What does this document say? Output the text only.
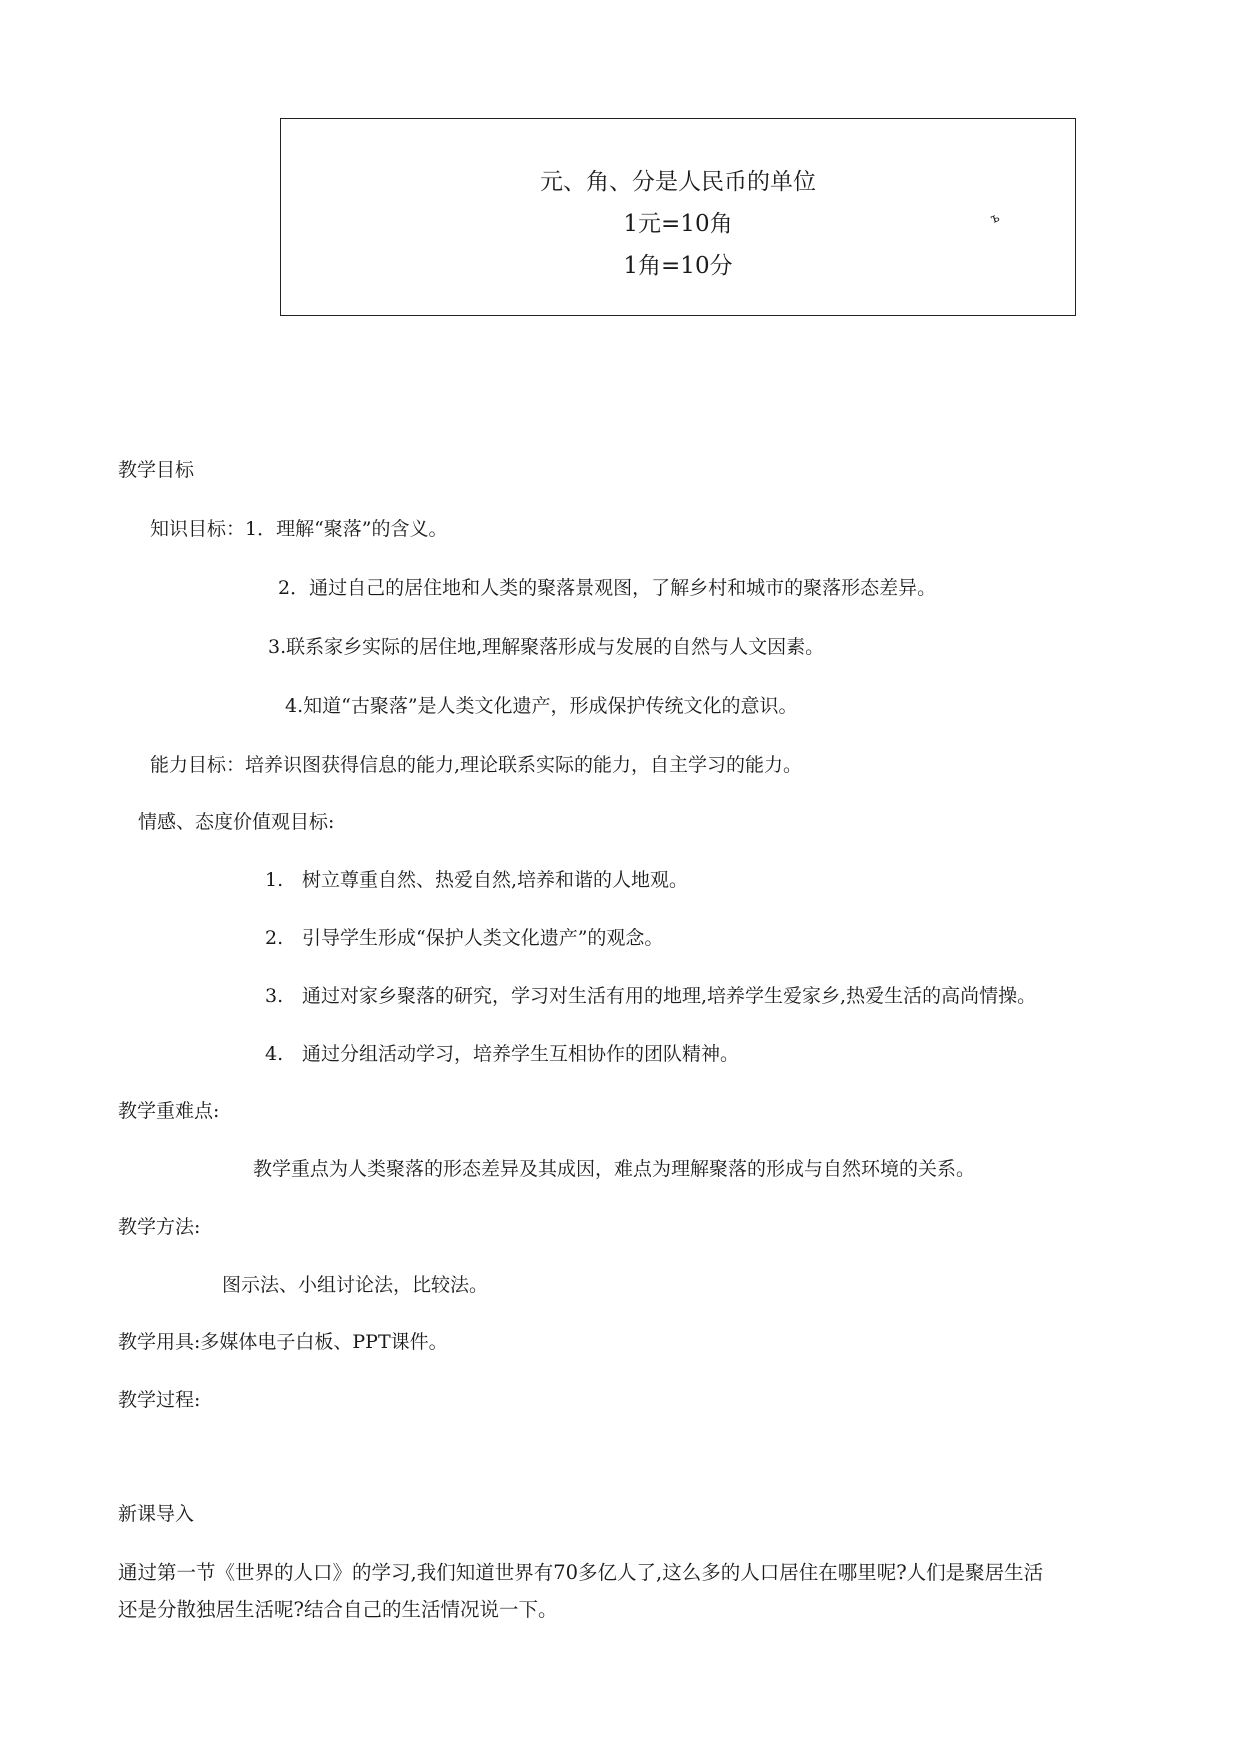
元、角、分是人民币的单位
1元=10角
1角=10分
ъ
教学目标
知识目标：1．理解“聚落”的含义。
2．通过自己的居住地和人类的聚落景观图，了解乡村和城市的聚落形态差异。
3.联系家乡实际的居住地,理解聚落形成与发展的自然与人文因素。
4.知道“古聚落”是人类文化遗产，形成保护传统文化的意识。
能力目标：培养识图获得信息的能力,理论联系实际的能力，自主学习的能力。
情感、态度价值观目标:
1. 树立尊重自然、热爱自然,培养和谐的人地观。
2. 引导学生形成“保护人类文化遗产”的观念。
3. 通过对家乡聚落的研究，学习对生活有用的地理,培养学生爱家乡,热爱生活的高尚情操。
4. 通过分组活动学习，培养学生互相协作的团队精神。
教学重难点:
教学重点为人类聚落的形态差异及其成因，难点为理解聚落的形成与自然环境的关系。
教学方法:
图示法、小组讨论法，比较法。
教学用具:多媒体电子白板、PPT课件。
教学过程:
新课导入
通过第一节《世界的人口》的学习,我们知道世界有70多亿人了,这么多的人口居住在哪里呢?人们是聚居生活
还是分散独居生活呢?结合自己的生活情况说一下。
